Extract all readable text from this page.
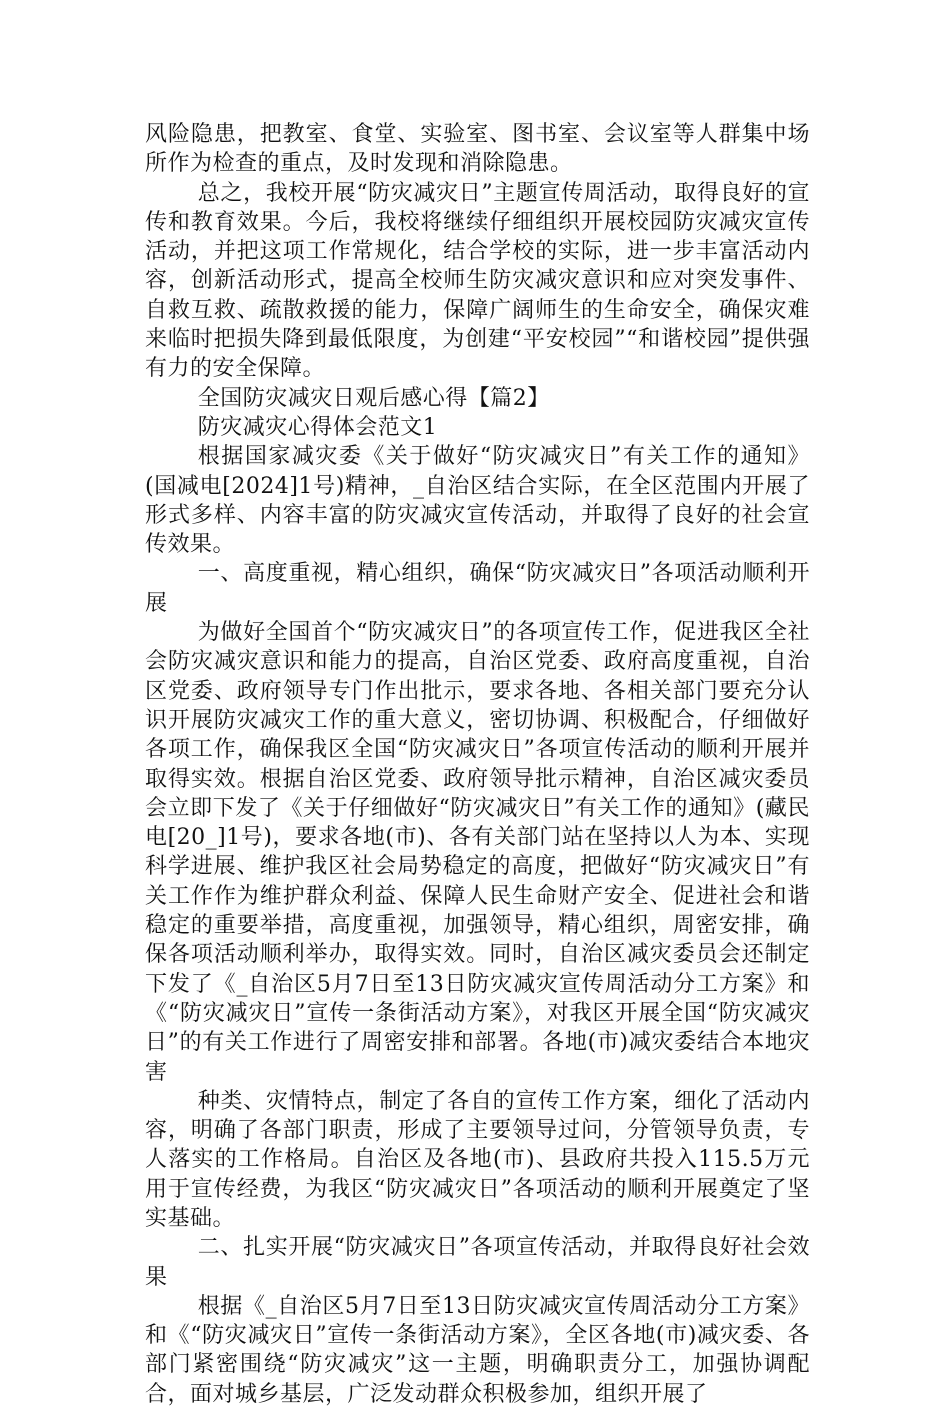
风险隐患，把教室、食堂、实验室、图书室、会议室等人群集中场所作为检查的重点，及时发现和消除隐患。

总之，我校开展“防灾减灾日”主题宣传周活动，取得良好的宣传和教育效果。今后，我校将继续仔细组织开展校园防灾减灾宣传活动，并把这项工作常规化，结合学校的实际，进一步丰富活动内容，创新活动形式，提高全校师生防灾减灾意识和应对突发事件、自救互救、疏散救援的能力，保障广阔师生的生命安全，确保灾难来临时把损失降到最低限度，为创建“平安校园”“和谐校园”提供强有力的安全保障。

全国防灾减灾日观后感心得【篇2】

防灾减灾心得体会范文1

根据国家减灾委《关于做好“防灾减灾日”有关工作的通知》(国减电[2024]1号)精神，_自治区结合实际，在全区范围内开展了形式多样、内容丰富的防灾减灾宣传活动，并取得了良好的社会宣传效果。

一、高度重视，精心组织，确保“防灾减灾日”各项活动顺利开展

为做好全国首个“防灾减灾日”的各项宣传工作，促进我区全社会防灾减灾意识和能力的提高，自治区党委、政府高度重视，自治区党委、政府领导专门作出批示，要求各地、各相关部门要充分认识开展防灾减灾工作的重大意义，密切协调、积极配合，仔细做好各项工作，确保我区全国“防灾减灾日”各项宣传活动的顺利开展并取得实效。根据自治区党委、政府领导批示精神，自治区减灾委员会立即下发了《关于仔细做好“防灾减灾日”有关工作的通知》(藏民电[20_]1号)，要求各地(市)、各有关部门站在坚持以人为本、实现科学进展、维护我区社会局势稳定的高度，把做好“防灾减灾日”有关工作作为维护群众利益、保障人民生命财产安全、促进社会和谐稳定的重要举措，高度重视，加强领导，精心组织，周密安排，确保各项活动顺利举办，取得实效。同时，自治区减灾委员会还制定下发了《_自治区5月7日至13日防灾减灾宣传周活动分工方案》和《“防灾减灾日”宣传一条街活动方案》，对我区开展全国“防灾减灾日”的有关工作进行了周密安排和部署。各地(市)减灾委结合本地灾害

种类、灾情特点，制定了各自的宣传工作方案，细化了活动内容，明确了各部门职责，形成了主要领导过问，分管领导负责，专人落实的工作格局。自治区及各地(市)、县政府共投入115.5万元用于宣传经费，为我区“防灾减灾日”各项活动的顺利开展奠定了坚实基础。

二、扎实开展“防灾减灾日”各项宣传活动，并取得良好社会效果

根据《_自治区5月7日至13日防灾减灾宣传周活动分工方案》和《“防灾减灾日”宣传一条街活动方案》，全区各地(市)减灾委、各部门紧密围绕“防灾减灾”这一主题，明确职责分工，加强协调配合，面对城乡基层，广泛发动群众积极参加，组织开展了
